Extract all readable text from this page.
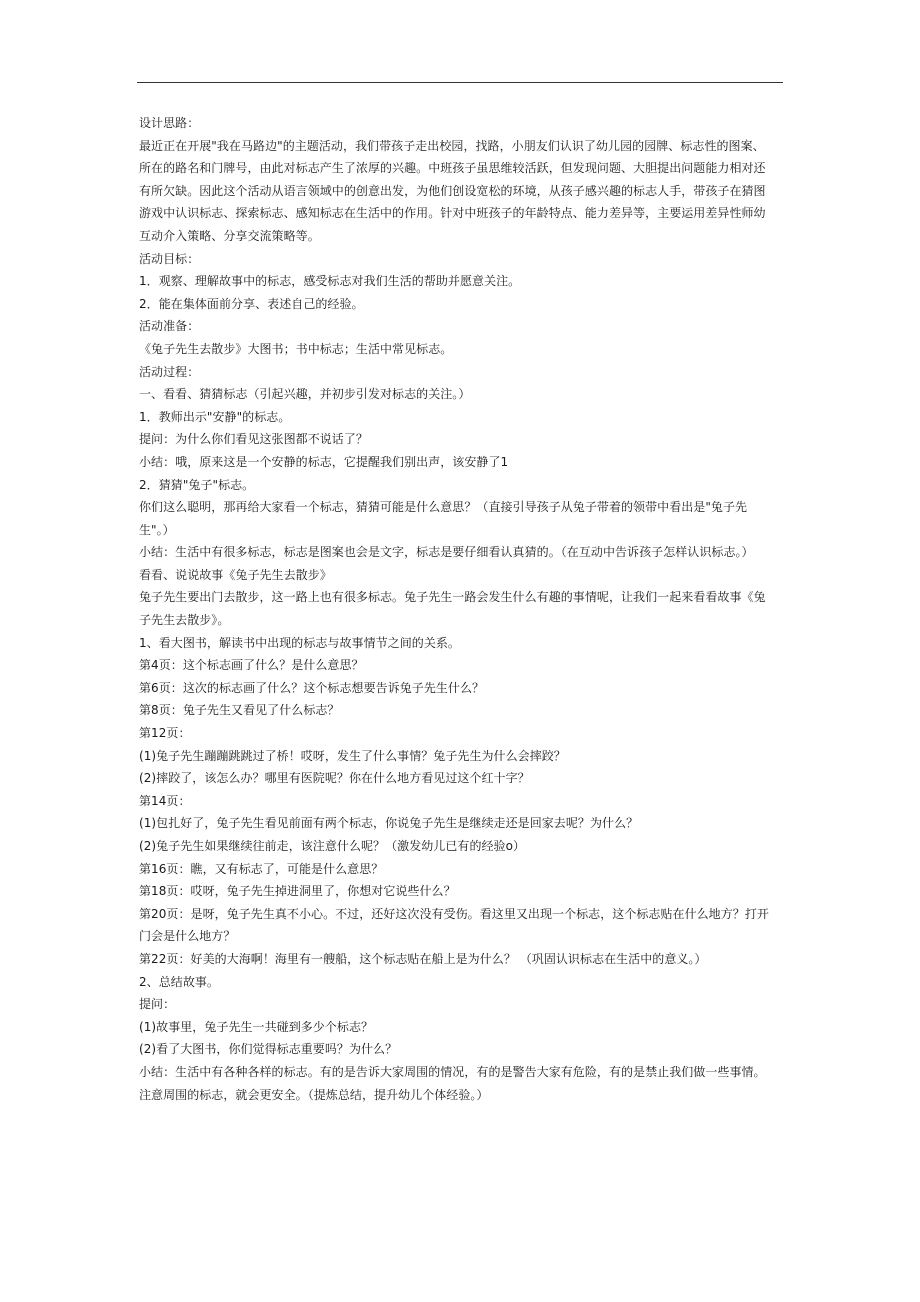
设计思路：
最近正在开展"我在马路边"的主题活动，我们带孩子走出校园，找路，小朋友们认识了幼儿园的园牌、标志性的图案、
所在的路名和门牌号，由此对标志产生了浓厚的兴趣。中班孩子虽思维较活跃，但发现问题、大胆提出问题能力相对还
有所欠缺。因此这个活动从语言领域中的创意出发，为他们创设宽松的环境，从孩子感兴趣的标志人手，带孩子在猜图
游戏中认识标志、探索标志、感知标志在生活中的作用。针对中班孩子的年龄特点、能力差异等，主要运用差异性师幼
互动介入策略、分享交流策略等。
活动目标：
1．观察、理解故事中的标志，感受标志对我们生活的帮助并愿意关注。
2．能在集体面前分享、表述自己的经验。
活动准备：
《兔子先生去散步》大图书；书中标志；生活中常见标志。
活动过程：
一、看看、猜猜标志（引起兴趣，并初步引发对标志的关注。）
1．教师出示"安静"的标志。
提问：为什么你们看见这张图都不说话了？
小结：哦，原来这是一个安静的标志，它提醒我们别出声，该安静了1
2．猜猜"兔子"标志。
你们这么聪明，那再给大家看一个标志，猜猜可能是什么意思？（直接引导孩子从兔子带着的领带中看出是"兔子先
生"。）
小结：生活中有很多标志，标志是图案也会是文字，标志是要仔细看认真猜的。（在互动中告诉孩子怎样认识标志。）
看看、说说故事《兔子先生去散步》
兔子先生要出门去散步，这一路上也有很多标志。兔子先生一路会发生什么有趣的事情呢，让我们一起来看看故事《兔
子先生去散步》。
1、看大图书，解读书中出现的标志与故事情节之间的关系。
第4页：这个标志画了什么？是什么意思？
第6页：这次的标志画了什么？这个标志想要告诉兔子先生什么？
第8页：兔子先生又看见了什么标志？
第12页：
(1)兔子先生蹦蹦跳跳过了桥！哎呀，发生了什么事情？兔子先生为什么会摔跤？
(2)摔跤了，该怎么办？哪里有医院呢？你在什么地方看见过这个红十字？
第14页：
(1)包扎好了，兔子先生看见前面有两个标志，你说兔子先生是继续走还是回家去呢？为什么？
(2)兔子先生如果继续往前走，该注意什么呢？（激发幼儿已有的经验o）
第16页：瞧，又有标志了，可能是什么意思？
第18页：哎呀，兔子先生掉进洞里了，你想对它说些什么？
第20页：是呀，兔子先生真不小心。不过，还好这次没有受伤。看这里又出现一个标志，这个标志贴在什么地方？打开
门会是什么地方？
第22页：好美的大海啊！海里有一艘船，这个标志贴在船上是为什么？ （巩固认识标志在生活中的意义。）
2、总结故事。
提问：
(1)故事里，兔子先生一共碰到多少个标志？
(2)看了大图书，你们觉得标志重要吗？为什么？
小结：生活中有各种各样的标志。有的是告诉大家周围的情况，有的是警告大家有危险，有的是禁止我们做一些事情。
注意周围的标志，就会更安全。（提炼总结，提升幼儿个体经验。）
